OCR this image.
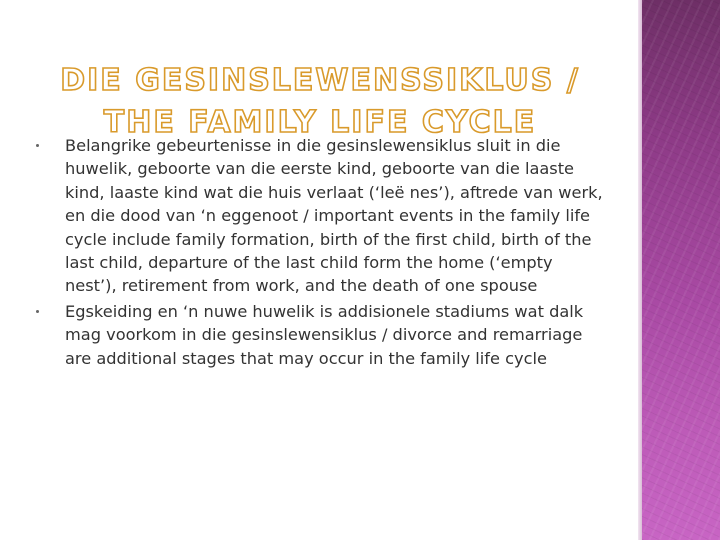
DIE GESINSLEWENSSIKLUS / THE FAMILY LIFE CYCLE
Belangrike gebeurtenisse in die gesinslewensiklus sluit in die huwelik, geboorte van die eerste kind, geboorte van die laaste kind, laaste kind wat die huis verlaat (‘leë nes’), aftrede van werk, en die dood van ‘n eggenoot / important events in the family life cycle include family formation, birth of the first child, birth of the last child, departure of the last child form the home (‘empty nest’), retirement from work, and the death of one spouse
Egskeiding en ‘n nuwe huwelik is addisionele stadiums wat dalk mag voorkom in die gesinslewensiklus / divorce and remarriage are additional stages that may occur in the family life cycle
